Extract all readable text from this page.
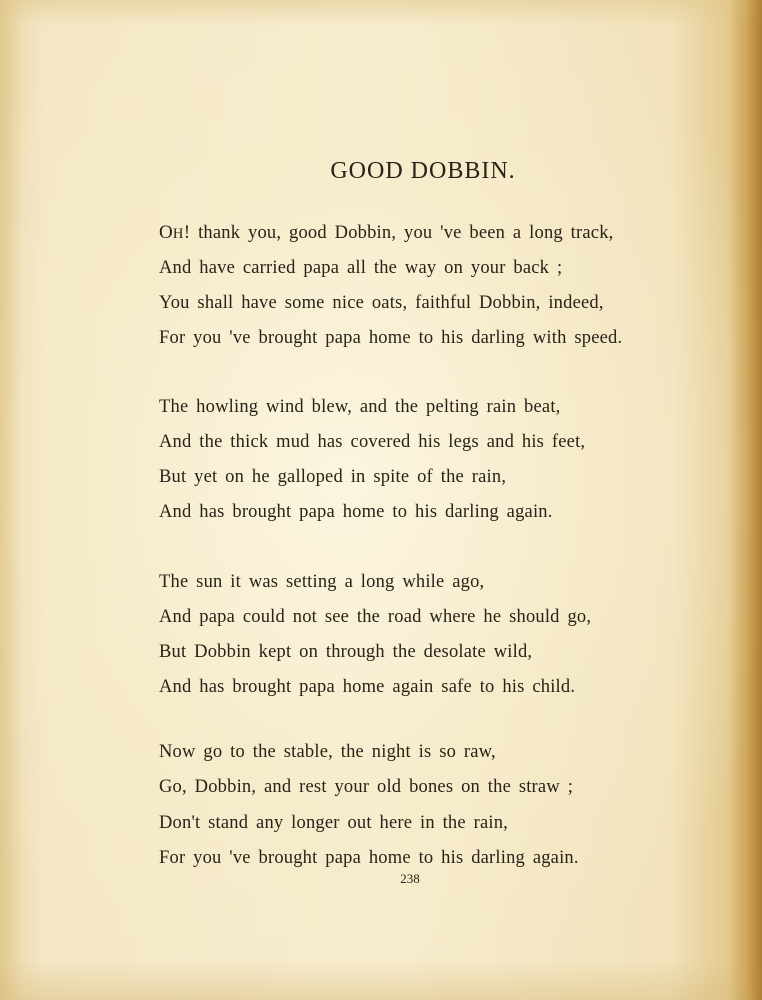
GOOD DOBBIN.

OH! thank you, good Dobbin, you 've been a long track,

And have carried papa all the way on your back ;

You shall have some nice oats, faithful Dobbin, indeed,

For you 've brought papa home to his darling with speed.

The howling wind blew, and the pelting rain beat,

And the thick mud has covered his legs and his feet,

But yet on he galloped in spite of the rain,

And has brought papa home to his darling again.

The sun it was setting a long while ago,

And papa could not see the road where he should go,

But Dobbin kept on through the desolate wild,

And has brought papa home again safe to his child.

Now go to the stable, the night is so raw,

Go, Dobbin, and rest your old bones on the straw ;

Don't stand any longer out here in the rain,

For you 've brought papa home to his darling again.

238
